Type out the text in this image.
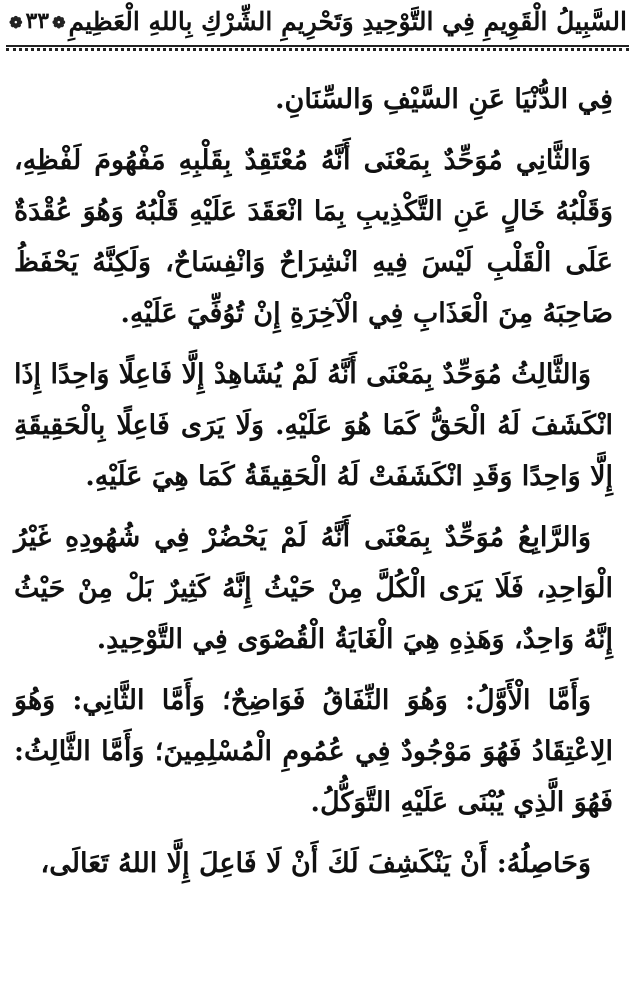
السَّبِيلُ الْقَوِيمِ فِي التَّوْحِيدِ وَتَحْرِيمِ الشِّرْكِ بِاللهِ الْعَظِيمِ
❁٣٣❁

فِي الدُّنْيَا عَنِ السَّيْفِ وَالسِّنَانِ.

وَالثَّانِي مُوَحِّدٌ بِمَعْنَى أَنَّهُ مُعْتَقِدٌ بِقَلْبِهِ مَفْهُومَ لَفْظِهِ، وَقَلْبُهُ خَالٍ عَنِ التَّكْذِيبِ بِمَا انْعَقَدَ عَلَيْهِ قَلْبُهُ وَهُوَ عُقْدَةٌ عَلَى الْقَلْبِ لَيْسَ فِيهِ انْشِرَاحٌ وَانْفِسَاحٌ، وَلَكِنَّهُ يَحْفَظُ صَاحِبَهُ مِنَ الْعَذَابِ فِي الْآخِرَةِ إِنْ تُوُفِّيَ عَلَيْهِ.

وَالثَّالِثُ مُوَحِّدٌ بِمَعْنَى أَنَّهُ لَمْ يُشَاهِدْ إِلَّا فَاعِلًا وَاحِدًا إِذَا انْكَشَفَ لَهُ الْحَقُّ كَمَا هُوَ عَلَيْهِ. وَلَا يَرَى فَاعِلًا بِالْحَقِيقَةِ إِلَّا وَاحِدًا وَقَدِ انْكَشَفَتْ لَهُ الْحَقِيقَةُ كَمَا هِيَ عَلَيْهِ.

وَالرَّابِعُ مُوَحِّدٌ بِمَعْنَى أَنَّهُ لَمْ يَحْضُرْ فِي شُهُودِهِ غَيْرُ الْوَاحِدِ، فَلَا يَرَى الْكُلَّ مِنْ حَيْثُ إِنَّهُ كَثِيرٌ بَلْ مِنْ حَيْثُ إِنَّهُ وَاحِدٌ، وَهَذِهِ هِيَ الْغَايَةُ الْقُصْوَى فِي التَّوْحِيدِ.

وَأَمَّا الْأَوَّلُ: وَهُوَ النِّفَاقُ فَوَاضِحٌ؛ وَأَمَّا الثَّانِي: وَهُوَ الِاعْتِقَادُ فَهُوَ مَوْجُودٌ فِي عُمُومِ الْمُسْلِمِينَ؛ وَأَمَّا الثَّالِثُ: فَهُوَ الَّذِي يُبْنَى عَلَيْهِ التَّوَكُّلُ.

وَحَاصِلُهُ: أَنْ يَنْكَشِفَ لَكَ أَنْ لَا فَاعِلَ إِلَّا اللهُ تَعَالَى،
